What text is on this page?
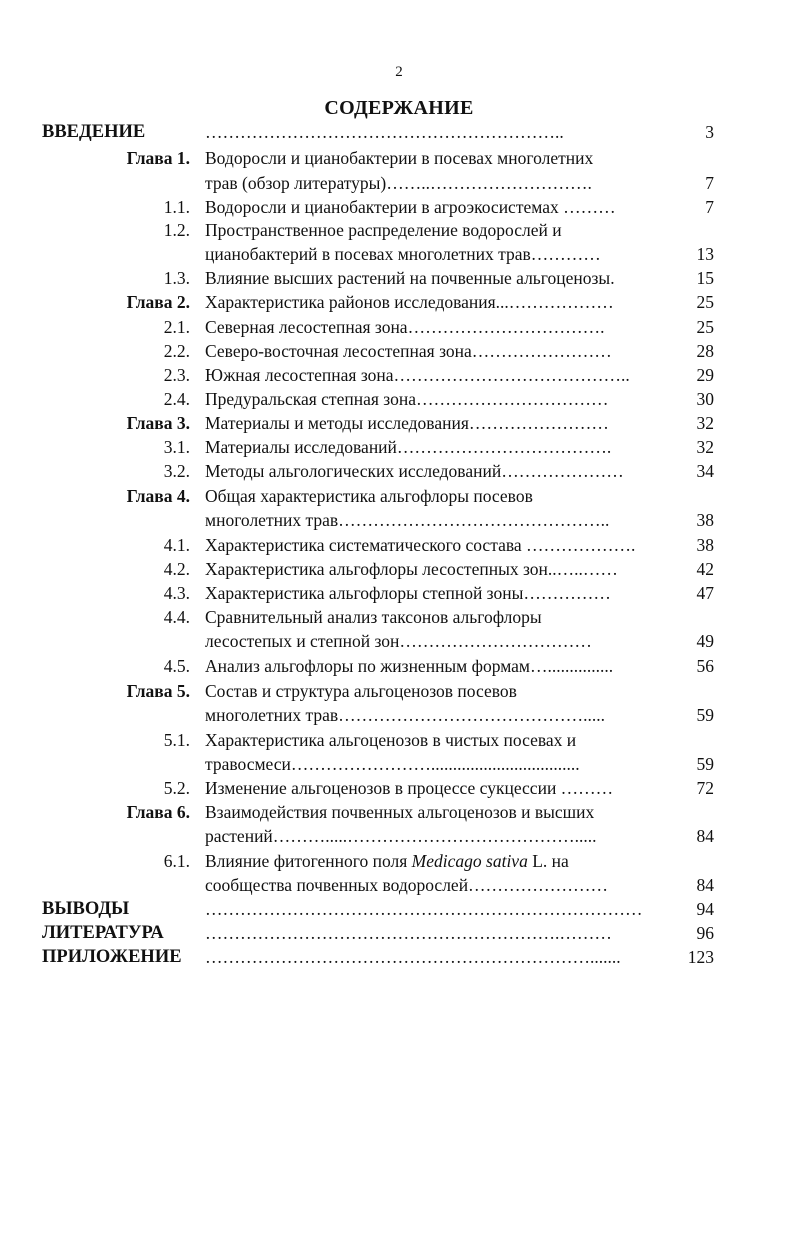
2
СОДЕРЖАНИЕ
ВВЕДЕНИЕ	……………………………………………………..	3
Глава 1. Водоросли и цианобактерии в посевах многолетних
трав (обзор литературы)……..……………………….	7
1.1. Водоросли и цианобактерии в агроэкосистемах ………	7
1.2. Пространственное распределение водорослей и
цианобактерий в посевах многолетних трав…………	13
1.3. Влияние высших растений на почвенные альгоценозы.	15
Глава 2. Характеристика районов исследования...………………	25
2.1. Северная лесостепная зона…………………………….	25
2.2. Северо-восточная лесостепная зона……………………	28
2.3. Южная лесостепная зона…………………………………..	29
2.4. Предуральская степная зона……………………………	30
Глава 3. Материалы и методы исследования……………………	32
3.1. Материалы исследований……………………………….	32
3.2. Методы альгологических исследований…………………	34
Глава 4. Общая характеристика альгофлоры посевов
многолетних трав………………………………………..	38
4.1. Характеристика систематического состава ……………….	38
4.2. Характеристика альгофлоры лесостепных зон..…..……	42
4.3. Характеристика альгофлоры степной зоны……………	47
4.4. Сравнительный анализ таксонов альгофлоры
лесостепых и степной зон……………………………	49
4.5. Анализ альгофлоры по жизненным формам…...............	56
Глава 5. Состав и структура альгоценозов посевов
многолетних трав…………………………………….....	59
5.1. Характеристика альгоценозов в чистых посевах и
травосмеси……………………..................................	59
5.2. Изменение альгоценозов в процессе сукцессии ………	72
Глава 6. Взаимодействия почвенных альгоценозов и высших
растений……….....………………………………….....	84
6.1. Влияние фитогенного поля Medicago sativa L. на
сообщества почвенных водорослей……………………	84
ВЫВОДЫ	…………………………………………………………………	94
ЛИТЕРАТУРА …………………………………………………….………	96
ПРИЛОЖЕНИЕ ………………………………………………………….......	123
